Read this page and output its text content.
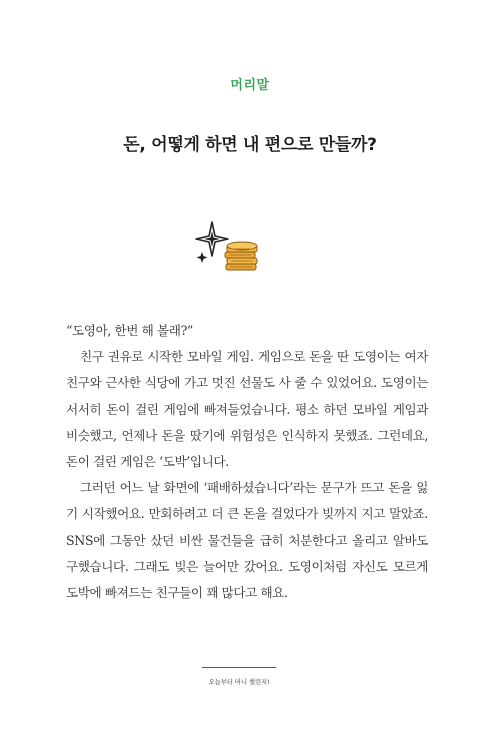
머리말
돈, 어떻게 하면 내 편으로 만들까?

“도영아, 한번 해 볼래?”

친구 권유로 시작한 모바일 게임. 게임으로 돈을 딴 도영이는 여자 친구와 근사한 식당에 가고 멋진 선물도 사 줄 수 있었어요. 도영이는 서서히 돈이 걸린 게임에 빠져들었습니다. 평소 하던 모바일 게임과 비슷했고, 언제나 돈을 땄기에 위험성은 인식하지 못했죠. 그런데요, 돈이 걸린 게임은 ‘도박’입니다.

그러던 어느 날 화면에 ‘패배하셨습니다’라는 문구가 뜨고 돈을 잃기 시작했어요. 만회하려고 더 큰 돈을 걸었다가 빚까지 지고 말았죠. SNS에 그동안 샀던 비싼 물건들을 급히 처분한다고 올리고 알바도 구했습니다. 그래도 빚은 늘어만 갔어요. 도영이처럼 자신도 모르게 도박에 빠져드는 친구들이 꽤 많다고 해요.

오늘부터 머니 챌린지!
